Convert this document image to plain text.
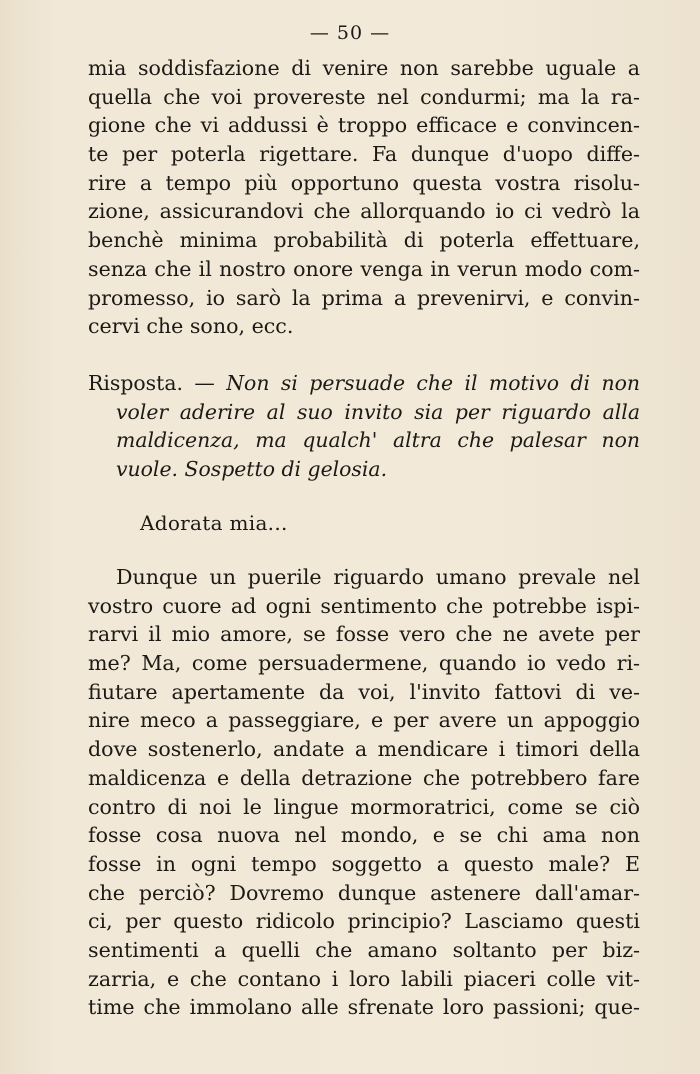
— 50 —
mia soddisfazione di venire non sarebbe uguale a
quella che voi provereste nel condurmi; ma la ra-
gione che vi addussi è troppo efficace e convincen-
te per poterla rigettare. Fa dunque d'uopo diffe-
rire a tempo più opportuno questa vostra risolu-
zione, assicurandovi che allorquando io ci vedrò la
benchè minima probabilità di poterla effettuare,
senza che il nostro onore venga in verun modo com-
promesso, io sarò la prima a prevenirvi, e convin-
cervi che sono, ecc.
Risposta. — Non si persuade che il motivo di non
voler aderire al suo invito sia per riguardo alla
maldicenza, ma qualch' altra che palesar non
vuole. Sospetto di gelosia.
Adorata mia...
Dunque un puerile riguardo umano prevale nel
vostro cuore ad ogni sentimento che potrebbe ispi-
rarvi il mio amore, se fosse vero che ne avete per
me? Ma, come persuadermene, quando io vedo ri-
fiutare apertamente da voi, l'invito fattovi di ve-
nire meco a passeggiare, e per avere un appoggio
dove sostenerlo, andate a mendicare i timori della
maldicenza e della detrazione che potrebbero fare
contro di noi le lingue mormoratrici, come se ciò
fosse cosa nuova nel mondo, e se chi ama non
fosse in ogni tempo soggetto a questo male? E
che perciò? Dovremo dunque astenere dall'amar-
ci, per questo ridicolo principio? Lasciamo questi
sentimenti a quelli che amano soltanto per biz-
zarria, e che contano i loro labili piaceri colle vit-
time che immolano alle sfrenate loro passioni; que-
